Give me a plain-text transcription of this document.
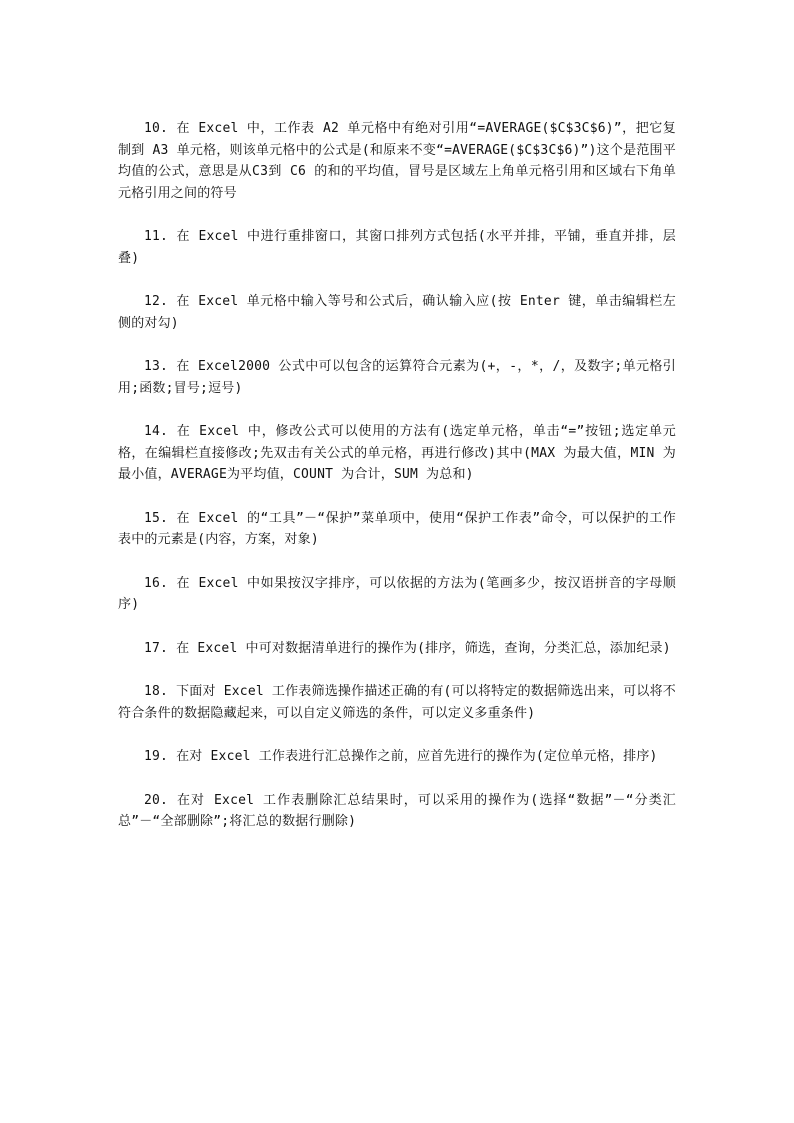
10. 在 Excel 中，工作表 A2 单元格中有绝对引用“=AVERAGE($C$3C$6)”，把它复制到 A3 单元格，则该单元格中的公式是(和原来不变“=AVERAGE($C$3C$6)”)这个是范围平均值的公式，意思是从C3到 C6 的和的平均值，冒号是区域左上角单元格引用和区域右下角单元格引用之间的符号

11. 在 Excel 中进行重排窗口，其窗口排列方式包括(水平并排，平铺，垂直并排，层叠)

12. 在 Excel 单元格中输入等号和公式后，确认输入应(按 Enter 键，单击编辑栏左侧的对勾)

13. 在 Excel2000 公式中可以包含的运算符合元素为(+，-，*，/，及数字;单元格引用;函数;冒号;逗号)

14. 在 Excel 中，修改公式可以使用的方法有(选定单元格，单击“=”按钮;选定单元格，在编辑栏直接修改;先双击有关公式的单元格，再进行修改)其中(MAX 为最大值，MIN 为最小值，AVERAGE为平均值，COUNT 为合计，SUM 为总和)

15. 在 Excel 的“工具”－“保护”菜单项中，使用“保护工作表”命令，可以保护的工作表中的元素是(内容，方案，对象)

16. 在 Excel 中如果按汉字排序，可以依据的方法为(笔画多少，按汉语拼音的字母顺序)

17. 在 Excel 中可对数据清单进行的操作为(排序，筛选，查询，分类汇总，添加纪录)

18. 下面对 Excel 工作表筛选操作描述正确的有(可以将特定的数据筛选出来，可以将不符合条件的数据隐藏起来，可以自定义筛选的条件，可以定义多重条件)

19. 在对 Excel 工作表进行汇总操作之前，应首先进行的操作为(定位单元格，排序)

20. 在对 Excel 工作表删除汇总结果时，可以采用的操作为(选择“数据”－“分类汇总”－“全部删除”;将汇总的数据行删除)
